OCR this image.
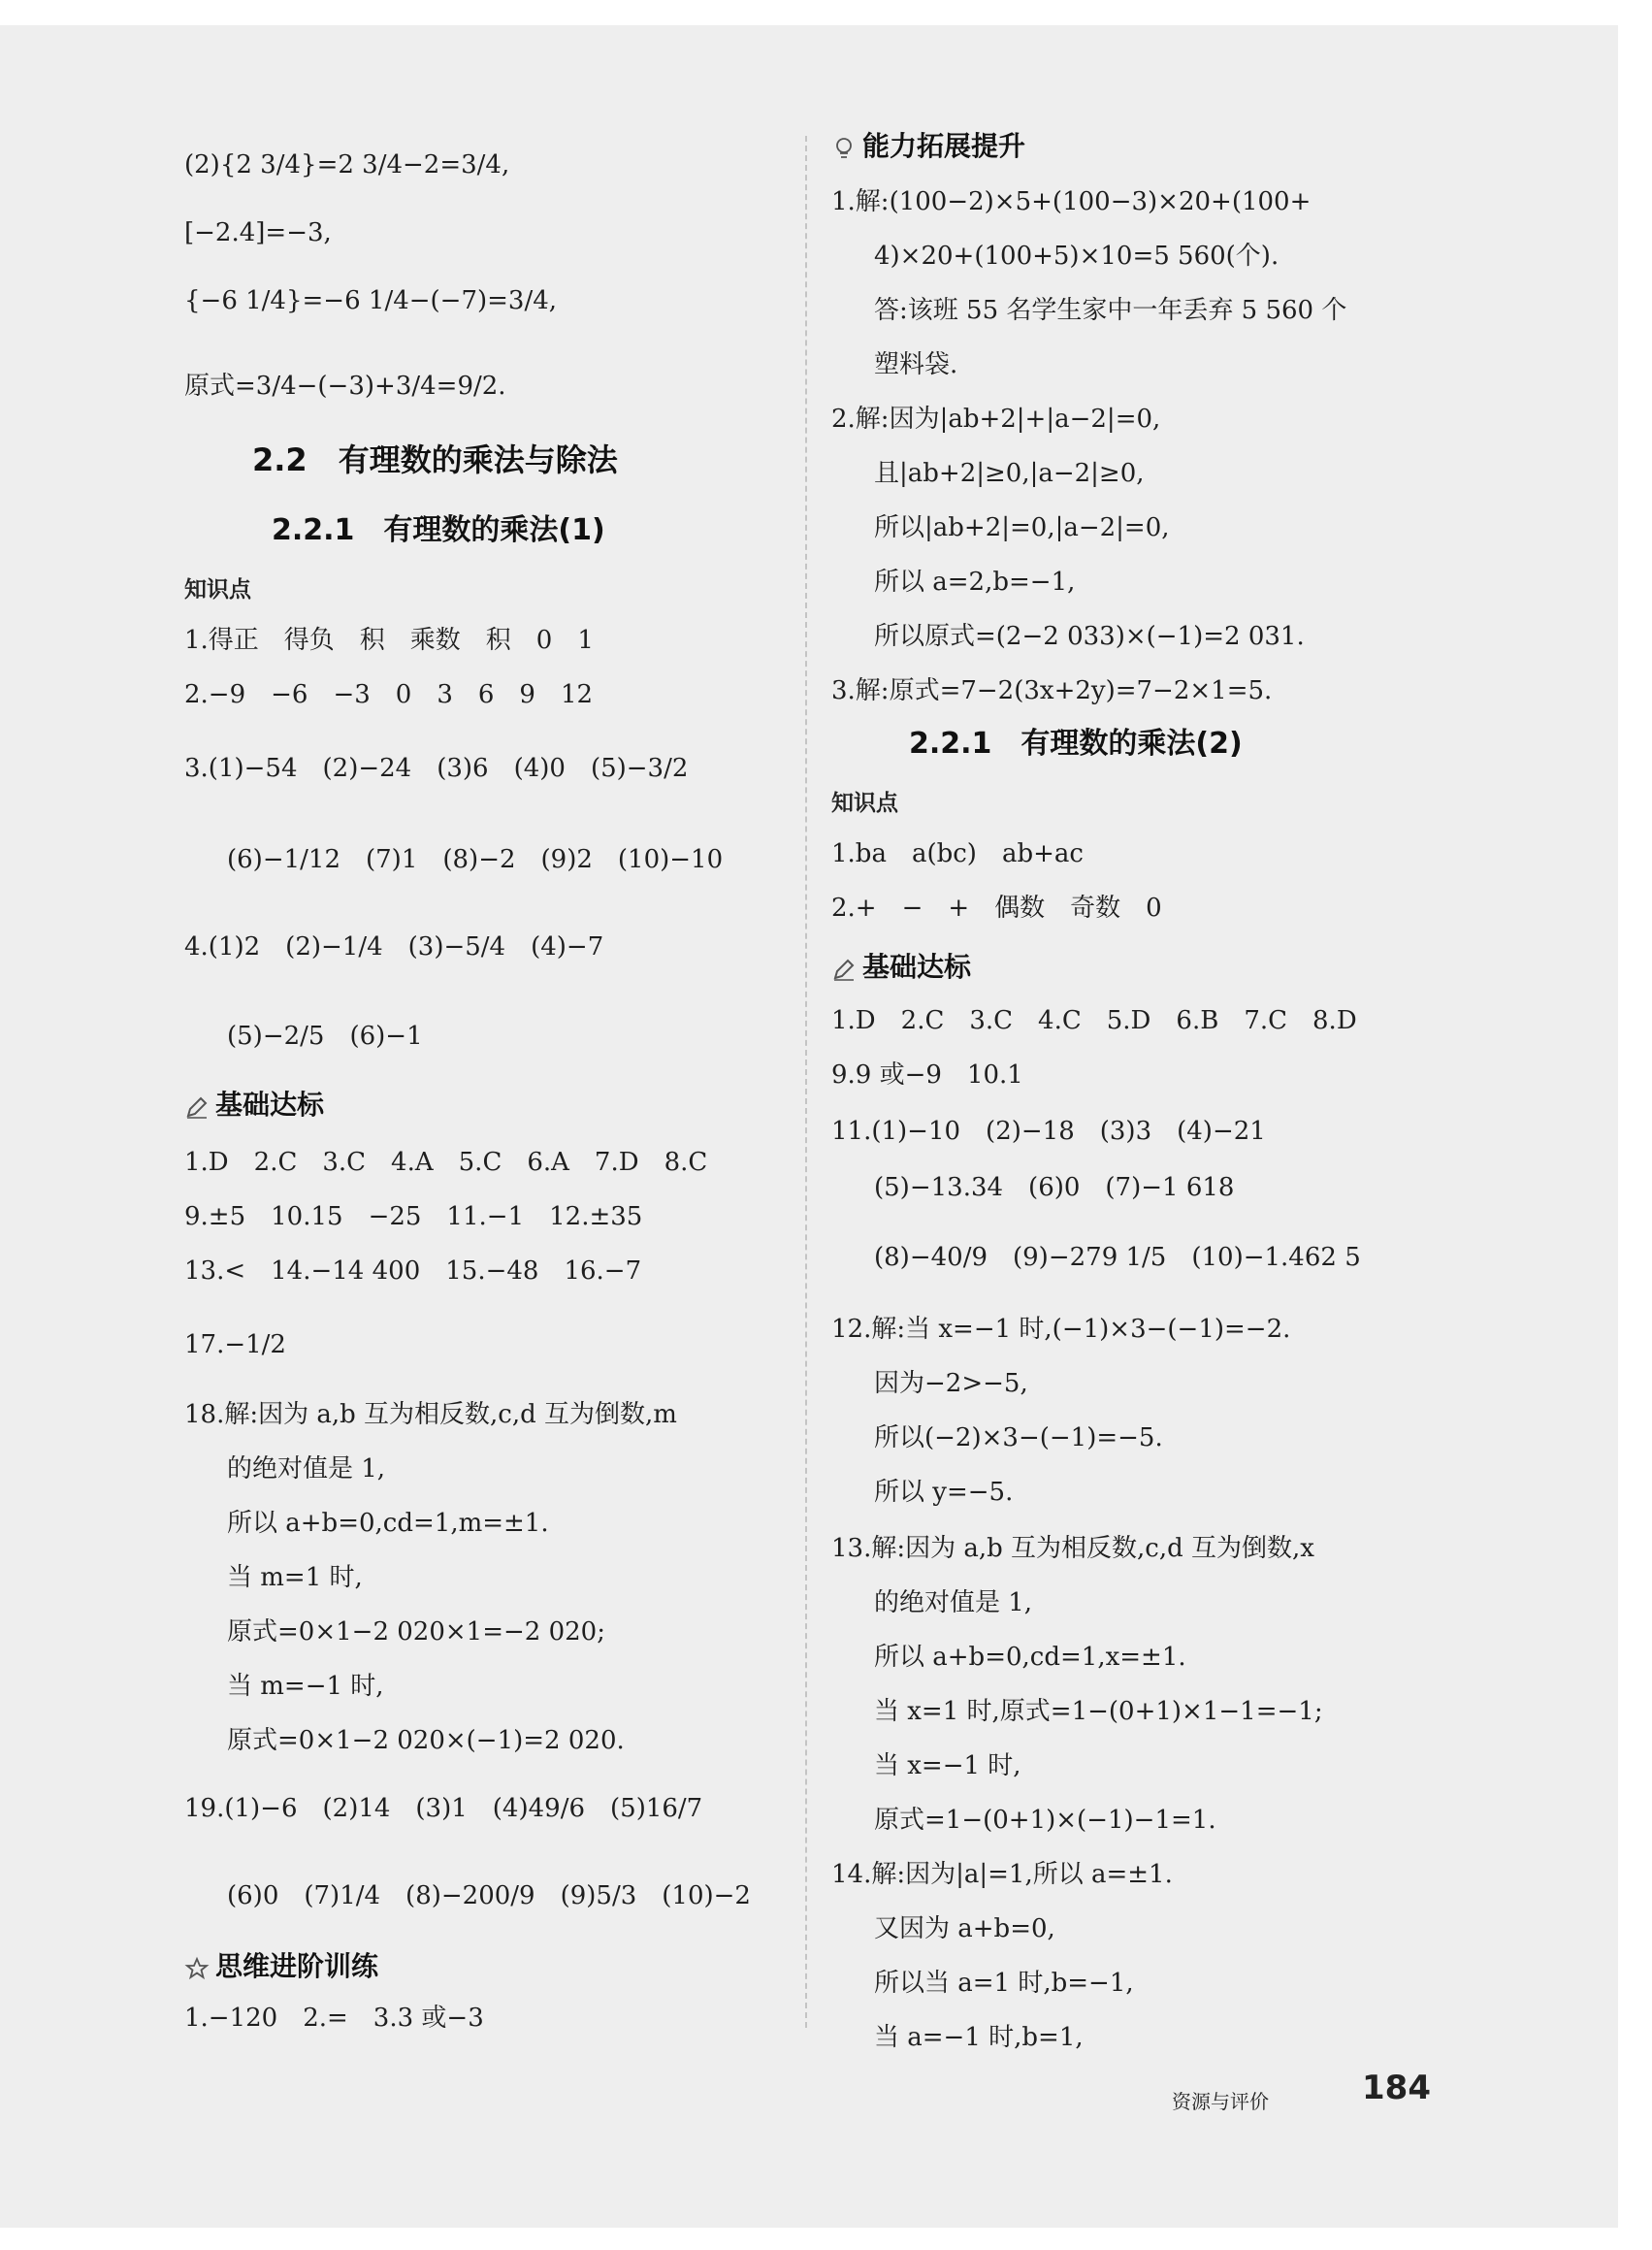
(2){2 3/4}=2 3/4−2=3/4,
[−2.4]=−3,
{−6 1/4}=−6 1/4−(−7)=3/4,
原式=3/4−(−3)+3/4=9/2.
2.2　有理数的乘法与除法
2.2.1　有理数的乘法(1)
知识点
1.得正　得负　积　乘数　积　0　1
2.−9　−6　−3　0　3　6　9　12
3.(1)−54　(2)−24　(3)6　(4)0　(5)−3/2
(6)−1/12　(7)1　(8)−2　(9)2　(10)−10
4.(1)2　(2)−1/4　(3)−5/4　(4)−7
(5)−2/5　(6)−1
基础达标
1.D　2.C　3.C　4.A　5.C　6.A　7.D　8.C
9.±5　10.15　−25　11.−1　12.±35
13.<　14.−14 400　15.−48　16.−7
17.−1/2
18.解:因为 a,b 互为相反数,c,d 互为倒数,m
的绝对值是 1,
所以 a+b=0,cd=1,m=±1.
当 m=1 时,
原式=0×1−2 020×1=−2 020;
当 m=−1 时,
原式=0×1−2 020×(−1)=2 020.
19.(1)−6　(2)14　(3)1　(4)49/6　(5)16/7
(6)0　(7)1/4　(8)−200/9　(9)5/3　(10)−2
思维进阶训练
1.−120　2.=　3.3 或−3
能力拓展提升
1.解:(100−2)×5+(100−3)×20+(100+
4)×20+(100+5)×10=5 560(个).
答:该班 55 名学生家中一年丢弃 5 560 个
塑料袋.
2.解:因为|ab+2|+|a−2|=0,
且|ab+2|≥0,|a−2|≥0,
所以|ab+2|=0,|a−2|=0,
所以 a=2,b=−1,
所以原式=(2−2 033)×(−1)=2 031.
3.解:原式=7−2(3x+2y)=7−2×1=5.
2.2.1　有理数的乘法(2)
知识点
1.ba　a(bc)　ab+ac
2.+　−　+　偶数　奇数　0
基础达标
1.D　2.C　3.C　4.C　5.D　6.B　7.C　8.D
9.9 或−9　10.1
11.(1)−10　(2)−18　(3)3　(4)−21
(5)−13.34　(6)0　(7)−1 618
(8)−40/9　(9)−279 1/5　(10)−1.462 5
12.解:当 x=−1 时,(−1)×3−(−1)=−2.
因为−2>−5,
所以(−2)×3−(−1)=−5.
所以 y=−5.
13.解:因为 a,b 互为相反数,c,d 互为倒数,x
的绝对值是 1,
所以 a+b=0,cd=1,x=±1.
当 x=1 时,原式=1−(0+1)×1−1=−1;
当 x=−1 时,
原式=1−(0+1)×(−1)−1=1.
14.解:因为|a|=1,所以 a=±1.
又因为 a+b=0,
所以当 a=1 时,b=−1,
当 a=−1 时,b=1,
资源与评价	184
